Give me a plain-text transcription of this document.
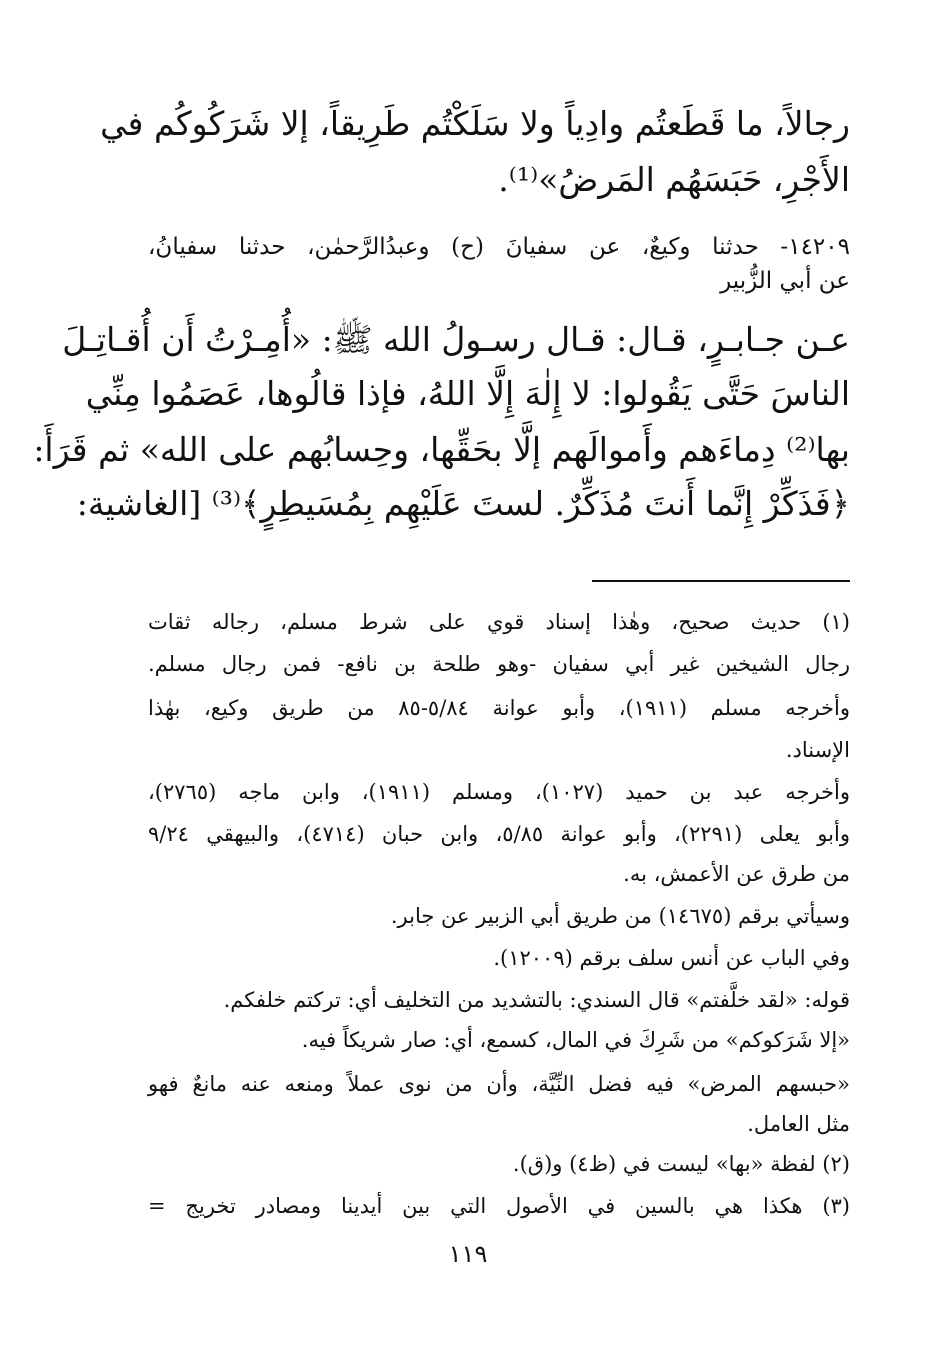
رجالاً، ما قَطَعتُم وادِياً ولا سَلَكْتُم طَرِيقاً، إلا شَرَكُوكُم في
الأَجْرِ، حَبَسَهُم المَرضُ»⁽¹⁾.
١٤٢٠٩- حدثنا وكيعٌ، عن سفيانَ (ح) وعبدُالرَّحمٰن، حدثنا سفيانُ،
عن أبي الزُّبير
عـن جـابـرٍ، قـال: قـال رسـولُ الله ﷺ: «أُمِـرْتُ أَن أُقـاتِـلَ
الناسَ حَتَّى يَقُولوا: لا إِلٰهَ إِلَّا اللهُ، فإذا قالُوها، عَصَمُوا مِنِّي
بها⁽²⁾ دِماءَهم وأَموالَهم إلَّا بحَقِّها، وحِسابُهم على الله» ثم قَرَأَ:
﴿فَذَكِّرْ إِنَّما أَنتَ مُذَكِّرٌ. لستَ عَلَيْهِم بِمُسَيطِرٍ﴾⁽³⁾ [الغاشية:
(١) حديث صحيح، وهٰذا إسناد قوي على شرط مسلم، رجاله ثقات
رجال الشيخين غير أبي سفيان -وهو طلحة بن نافع- فمن رجال مسلم.
وأخرجه مسلم (١٩١١)، وأبو عوانة ٥/٨٤-٨٥ من طريق وكيع، بهٰذا
الإسناد.
وأخرجه عبد بن حميد (١٠٢٧)، ومسلم (١٩١١)، وابن ماجه (٢٧٦٥)،
وأبو يعلى (٢٢٩١)، وأبو عوانة ٥/٨٥، وابن حبان (٤٧١٤)، والبيهقي ٩/٢٤
من طرق عن الأعمش، به.
وسيأتي برقم (١٤٦٧٥) من طريق أبي الزبير عن جابر.
وفي الباب عن أنس سلف برقم (١٢٠٠٩).
قوله: «لقد خلَّفتم» قال السندي: بالتشديد من التخليف أي: تركتم خلفكم.
«إلا شَرَكوكم» من شَرِكَ في المال، كسمع، أي: صار شريكاً فيه.
«حبسهم المرض» فيه فضل النِّيَّة، وأن من نوى عملاً ومنعه عنه مانعٌ فهو
مثل العامل.
(٢) لفظة «بها» ليست في (ظ٤) و(ق).
(٣) هكذا هي بالسين في الأصول التي بين أيدينا ومصادر تخريج =
١١٩
